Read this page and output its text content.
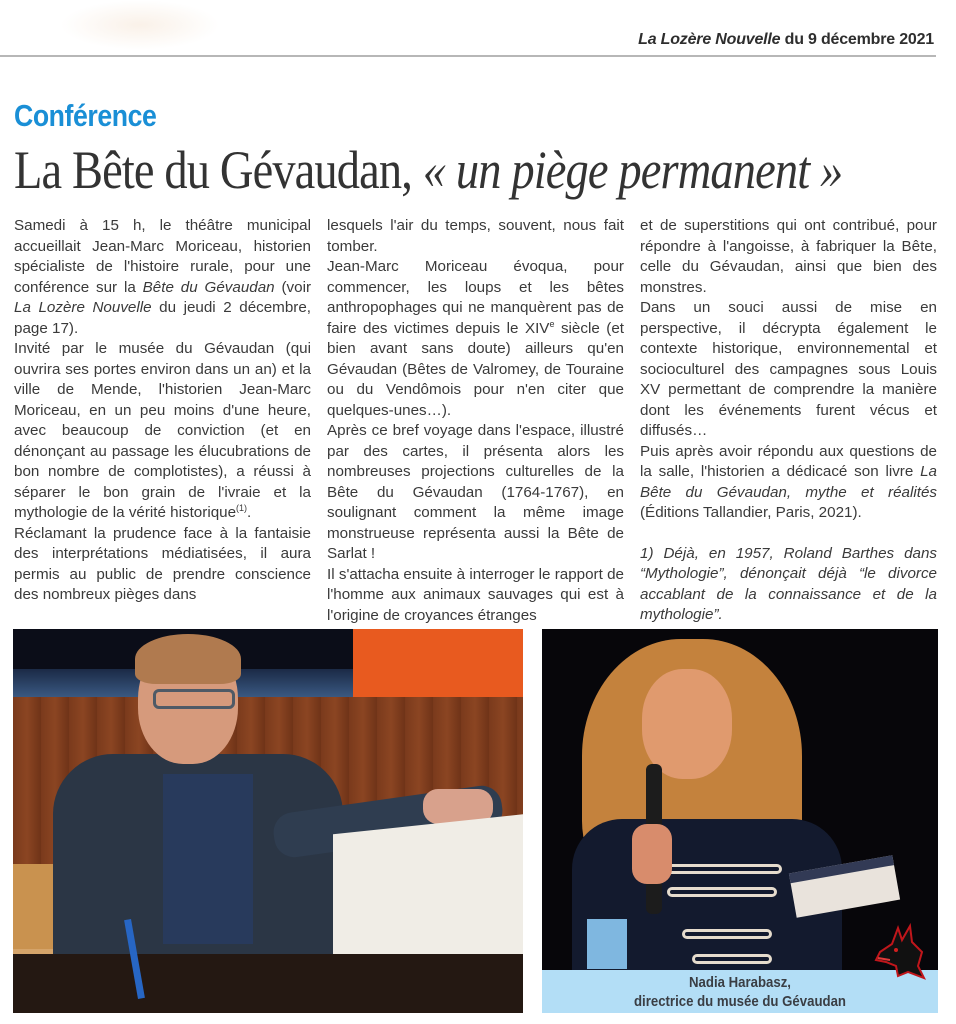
La Lozère Nouvelle du 9 décembre 2021
Conférence
La Bête du Gévaudan, « un piège permanent »

Samedi à 15 h, le théâtre municipal accueillait Jean-Marc Moriceau, historien spécialiste de l'histoire rurale, pour une conférence sur la Bête du Gévaudan (voir La Lozère Nouvelle du jeudi 2 décembre, page 17).

Invité par le musée du Gévaudan (qui ouvrira ses portes environ dans un an) et la ville de Mende, l'historien Jean-Marc Moriceau, en un peu moins d'une heure, avec beaucoup de conviction (et en dénonçant au passage les élucubrations de bon nombre de complotistes), a réussi à séparer le bon grain de l'ivraie et la mythologie de la vérité historique$^{(1)}$.

Réclamant la prudence face à la fantaisie des interprétations médiatisées, il aura permis au public de prendre conscience des nombreux pièges dans

lesquels l'air du temps, souvent, nous fait tomber.

Jean-Marc Moriceau évoqua, pour commencer, les loups et les bêtes anthropophages qui ne manquèrent pas de faire des victimes depuis le XIVe siècle (et bien avant sans doute) ailleurs qu'en Gévaudan (Bêtes de Valromey, de Touraine ou du Vendômois pour n'en citer que quelques-unes…).

Après ce bref voyage dans l'espace, illustré par des cartes, il présenta alors les nombreuses projections culturelles de la Bête du Gévaudan (1764-1767), en soulignant comment la même image monstrueuse représenta aussi la Bête de Sarlat !

Il s'attacha ensuite à interroger le rapport de l'homme aux animaux sauvages qui est à l'origine de croyances étranges

et de superstitions qui ont contribué, pour répondre à l'angoisse, à fabriquer la Bête, celle du Gévaudan, ainsi que bien des monstres.

Dans un souci aussi de mise en perspective, il décrypta également le contexte historique, environnemental et socioculturel des campagnes sous Louis XV permettant de comprendre la manière dont les événements furent vécus et diffusés…

Puis après avoir répondu aux questions de la salle, l'historien a dédicacé son livre La Bête du Gévaudan, mythe et réalités (Éditions Tallandier, Paris, 2021).

1) Déjà, en 1957, Roland Barthes dans “Mythologie”, dénonçait déjà “le divorce accablant de la connaissance et de la mythologie”.

Nadia Harabasz,
directrice du musée du Gévaudan
